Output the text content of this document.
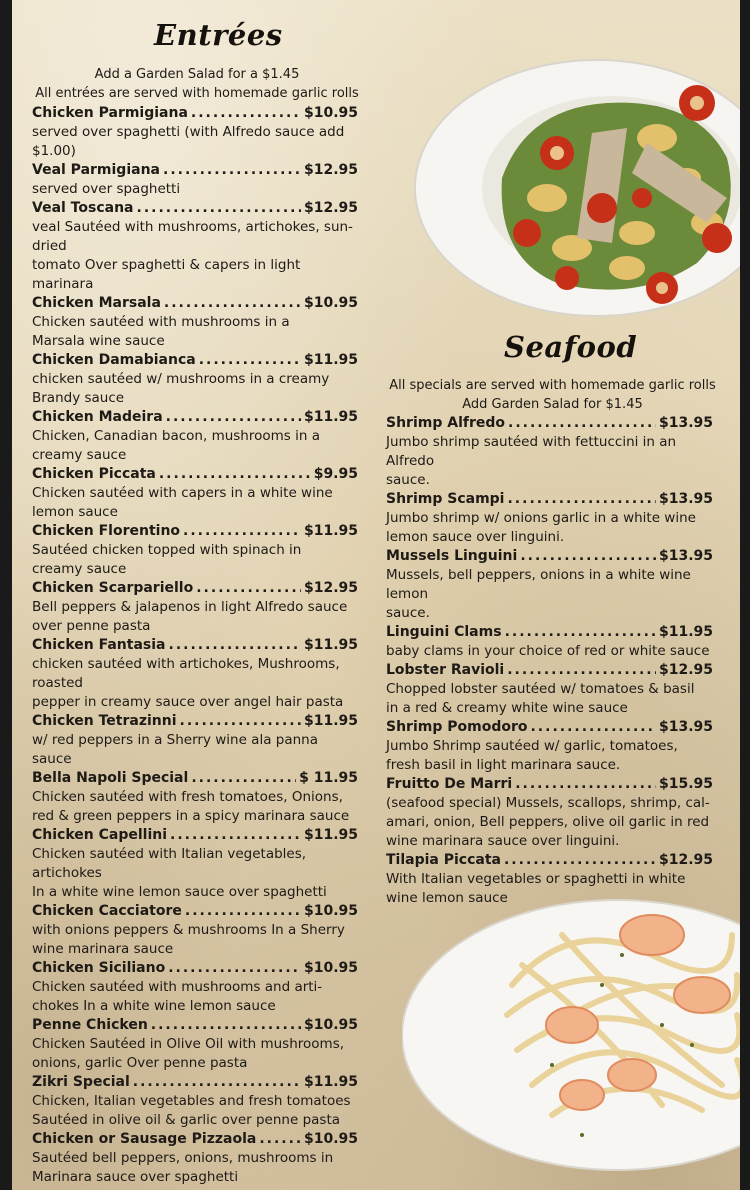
Entrées
Add a Garden Salad for a $1.45
All entrées are served with homemade garlic rolls
Chicken Parmigiana .....	$10.95
served over spaghetti (with Alfredo sauce add $1.00)
Veal Parmigiana .....	$12.95
served over spaghetti
Veal Toscana .....	$12.95
veal Sautéed with mushrooms, artichokes, sun-dried
tomato Over spaghetti & capers in light marinara
Chicken Marsala .....	$10.95
Chicken sautéed with mushrooms in a
Marsala wine sauce
Chicken Damabianca .....	$11.95
chicken sautéed w/ mushrooms in a creamy
Brandy sauce
Chicken Madeira .....	$11.95
Chicken, Canadian bacon, mushrooms in a
creamy sauce
Chicken Piccata .....	$9.95
Chicken sautéed with capers in a white wine
lemon sauce
Chicken Florentino .....	$11.95
Sautéed chicken topped with spinach in
creamy sauce
Chicken Scarpariello .....	$12.95
Bell peppers & jalapenos in light Alfredo sauce
over penne pasta
Chicken Fantasia .....	$11.95
chicken sautéed with artichokes, Mushrooms, roasted
pepper in creamy sauce over angel hair pasta
Chicken Tetrazinni .....	$11.95
w/ red peppers in a Sherry wine ala panna sauce
Bella Napoli Special .....	$ 11.95
Chicken sautéed with fresh tomatoes, Onions,
red & green peppers in a spicy marinara sauce
Chicken Capellini .....	$11.95
Chicken sautéed with Italian vegetables, artichokes
In a white wine lemon sauce over spaghetti
Chicken Cacciatore .....	$10.95
with onions peppers & mushrooms In a Sherry
wine marinara sauce
Chicken Siciliano .....	$10.95
Chicken sautéed with mushrooms and arti-
chokes In a white wine lemon sauce
Penne Chicken .....	$10.95
Chicken Sautéed in Olive Oil with mushrooms,
onions, garlic Over penne pasta
Zikri Special .....	$11.95
Chicken, Italian vegetables and fresh tomatoes
Sautéed in olive oil & garlic over penne pasta
Chicken or Sausage Pizzaola .....	$10.95
Sautéed bell peppers, onions, mushrooms in
Marinara sauce over spaghetti
Seafood
All specials are served with homemade garlic rolls
Add Garden Salad for $1.45
Shrimp Alfredo .....	$13.95
Jumbo shrimp sautéed with fettuccini in an Alfredo
sauce.
Shrimp Scampi .....	$13.95
Jumbo shrimp w/ onions garlic in a white wine
lemon sauce over linguini.
Mussels Linguini .....	$13.95
Mussels, bell peppers, onions in a white wine lemon
sauce.
Linguini Clams .....	$11.95
baby clams in your choice of red or white sauce
Lobster Ravioli .....	$12.95
Chopped lobster sautéed w/ tomatoes & basil
in a red & creamy white wine sauce
Shrimp Pomodoro .....	$13.95
Jumbo Shrimp sautéed w/ garlic, tomatoes,
fresh basil in light marinara sauce.
Fruitto De Marri .....	$15.95
(seafood special) Mussels, scallops, shrimp, cal-
amari, onion, Bell peppers, olive oil garlic in red
wine marinara sauce over linguini.
Tilapia Piccata .....	$12.95
With Italian vegetables or spaghetti in white
wine lemon sauce
